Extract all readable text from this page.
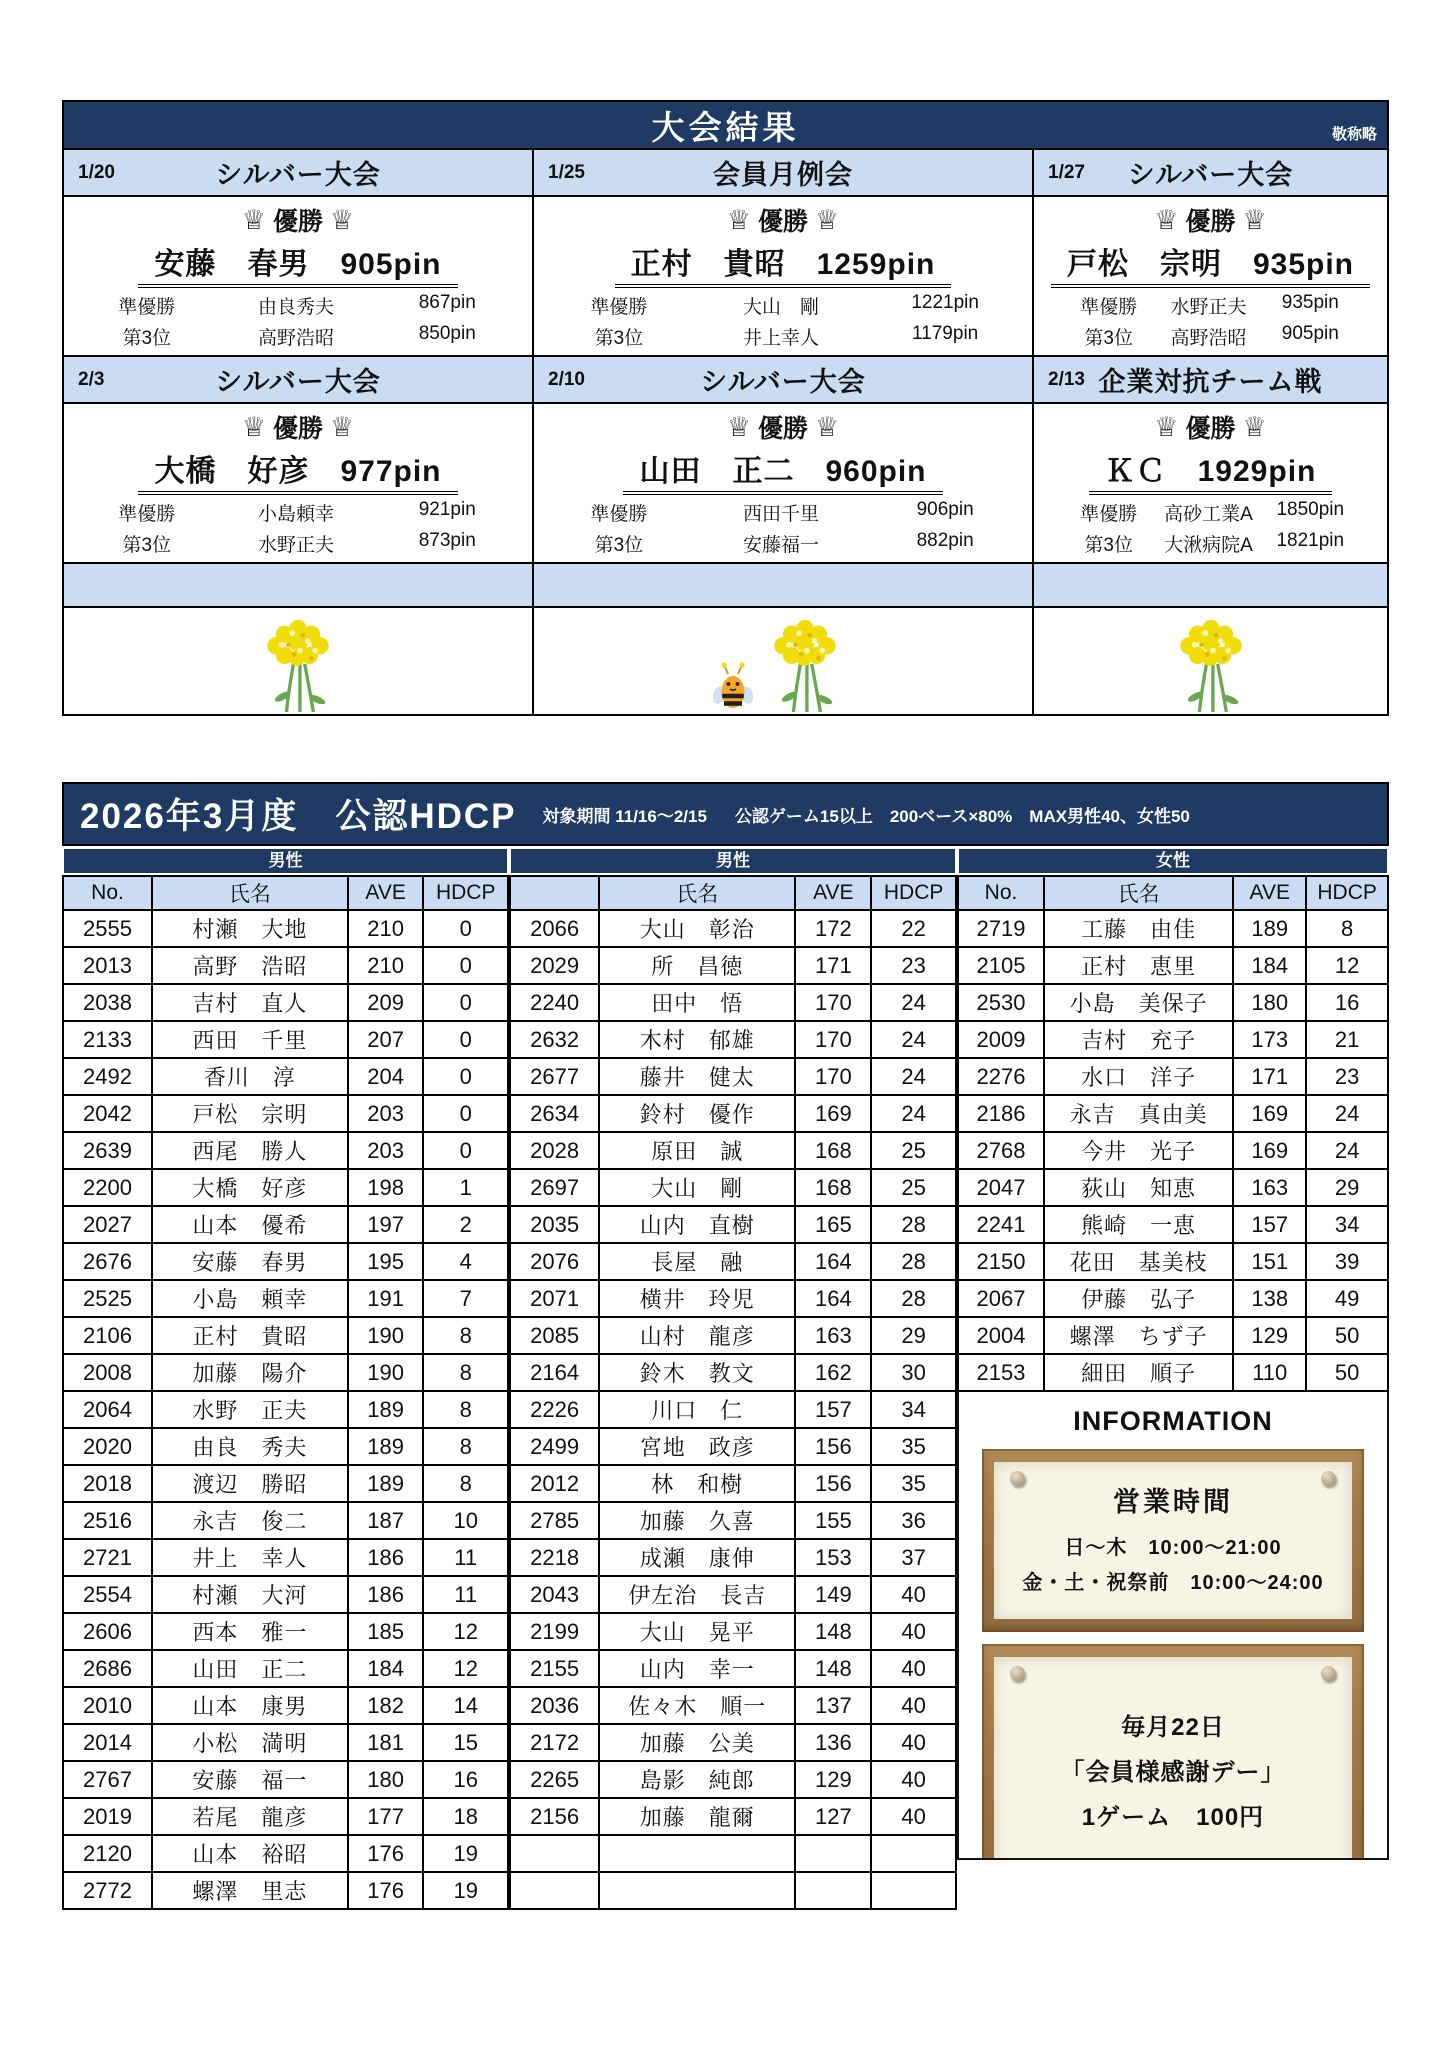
大会結果	敬称略
1/20	シルバー大会	1/25	会員月例会	1/27	シルバー大会
♕ 優勝 ♕
安藤　春男　905pin
準優勝	由良秀夫	867pin
第3位	高野浩昭	850pin
♕ 優勝 ♕
正村　貴昭　1259pin
準優勝	大山　剛	1221pin
第3位	井上幸人	1179pin
♕ 優勝 ♕
戸松　宗明　935pin
準優勝	水野正夫	935pin
第3位	高野浩昭	905pin
2/3	シルバー大会	2/10	シルバー大会	2/13 企業対抗チーム戦
♕ 優勝 ♕
大橋　好彦　977pin
準優勝	小島頼幸	921pin
第3位	水野正夫	873pin
♕ 優勝 ♕
山田　正二　960pin
準優勝	西田千里	906pin
第3位	安藤福一	882pin
♕ 優勝 ♕
ＫＣ　1929pin
準優勝	高砂工業A	1850pin
第3位	大湫病院A	1821pin
2026年3月度　公認HDCP	対象期間 11/16～2/15	公認ゲーム15以上　200ベース×80%　MAX男性40、女性50
男性
No.	氏名	AVE	HDCP
2555	村瀬　大地	210	0
2013	高野　浩昭	210	0
2038	吉村　直人	209	0
2133	西田　千里	207	0
2492	香川　淳	204	0
2042	戸松　宗明	203	0
2639	西尾　勝人	203	0
2200	大橋　好彦	198	1
2027	山本　優希	197	2
2676	安藤　春男	195	4
2525	小島　頼幸	191	7
2106	正村　貴昭	190	8
2008	加藤　陽介	190	8
2064	水野　正夫	189	8
2020	由良　秀夫	189	8
2018	渡辺　勝昭	189	8
2516	永吉　俊二	187	10
2721	井上　幸人	186	11
2554	村瀬　大河	186	11
2606	西本　雅一	185	12
2686	山田　正二	184	12
2010	山本　康男	182	14
2014	小松　満明	181	15
2767	安藤　福一	180	16
2019	若尾　龍彦	177	18
2120	山本　裕昭	176	19
2772	螺澤　里志	176	19
男性
	氏名	AVE	HDCP
2066	大山　彰治	172	22
2029	所　昌徳	171	23
2240	田中　悟	170	24
2632	木村　郁雄	170	24
2677	藤井　健太	170	24
2634	鈴村　優作	169	24
2028	原田　誠	168	25
2697	大山　剛	168	25
2035	山内　直樹	165	28
2076	長屋　融	164	28
2071	横井　玲児	164	28
2085	山村　龍彦	163	29
2164	鈴木　教文	162	30
2226	川口　仁	157	34
2499	宮地　政彦	156	35
2012	林　和樹	156	35
2785	加藤　久喜	155	36
2218	成瀬　康伸	153	37
2043	伊左治　長吉	149	40
2199	大山　晃平	148	40
2155	山内　幸一	148	40
2036	佐々木　順一	137	40
2172	加藤　公美	136	40
2265	島影　純郎	129	40
2156	加藤　龍爾	127	40

女性
No.	氏名	AVE	HDCP
2719	工藤　由佳	189	8
2105	正村　恵里	184	12
2530	小島　美保子	180	16
2009	吉村　充子	173	21
2276	水口　洋子	171	23
2186	永吉　真由美	169	24
2768	今井　光子	169	24
2047	荻山　知恵	163	29
2241	熊崎　一恵	157	34
2150	花田　基美枝	151	39
2067	伊藤　弘子	138	49
2004	螺澤　ちず子	129	50
2153	細田　順子	110	50
INFORMATION
営業時間
日～木　10:00～21:00
金・土・祝祭前　10:00～24:00
毎月22日
「会員様感謝デー」
1ゲーム　100円
